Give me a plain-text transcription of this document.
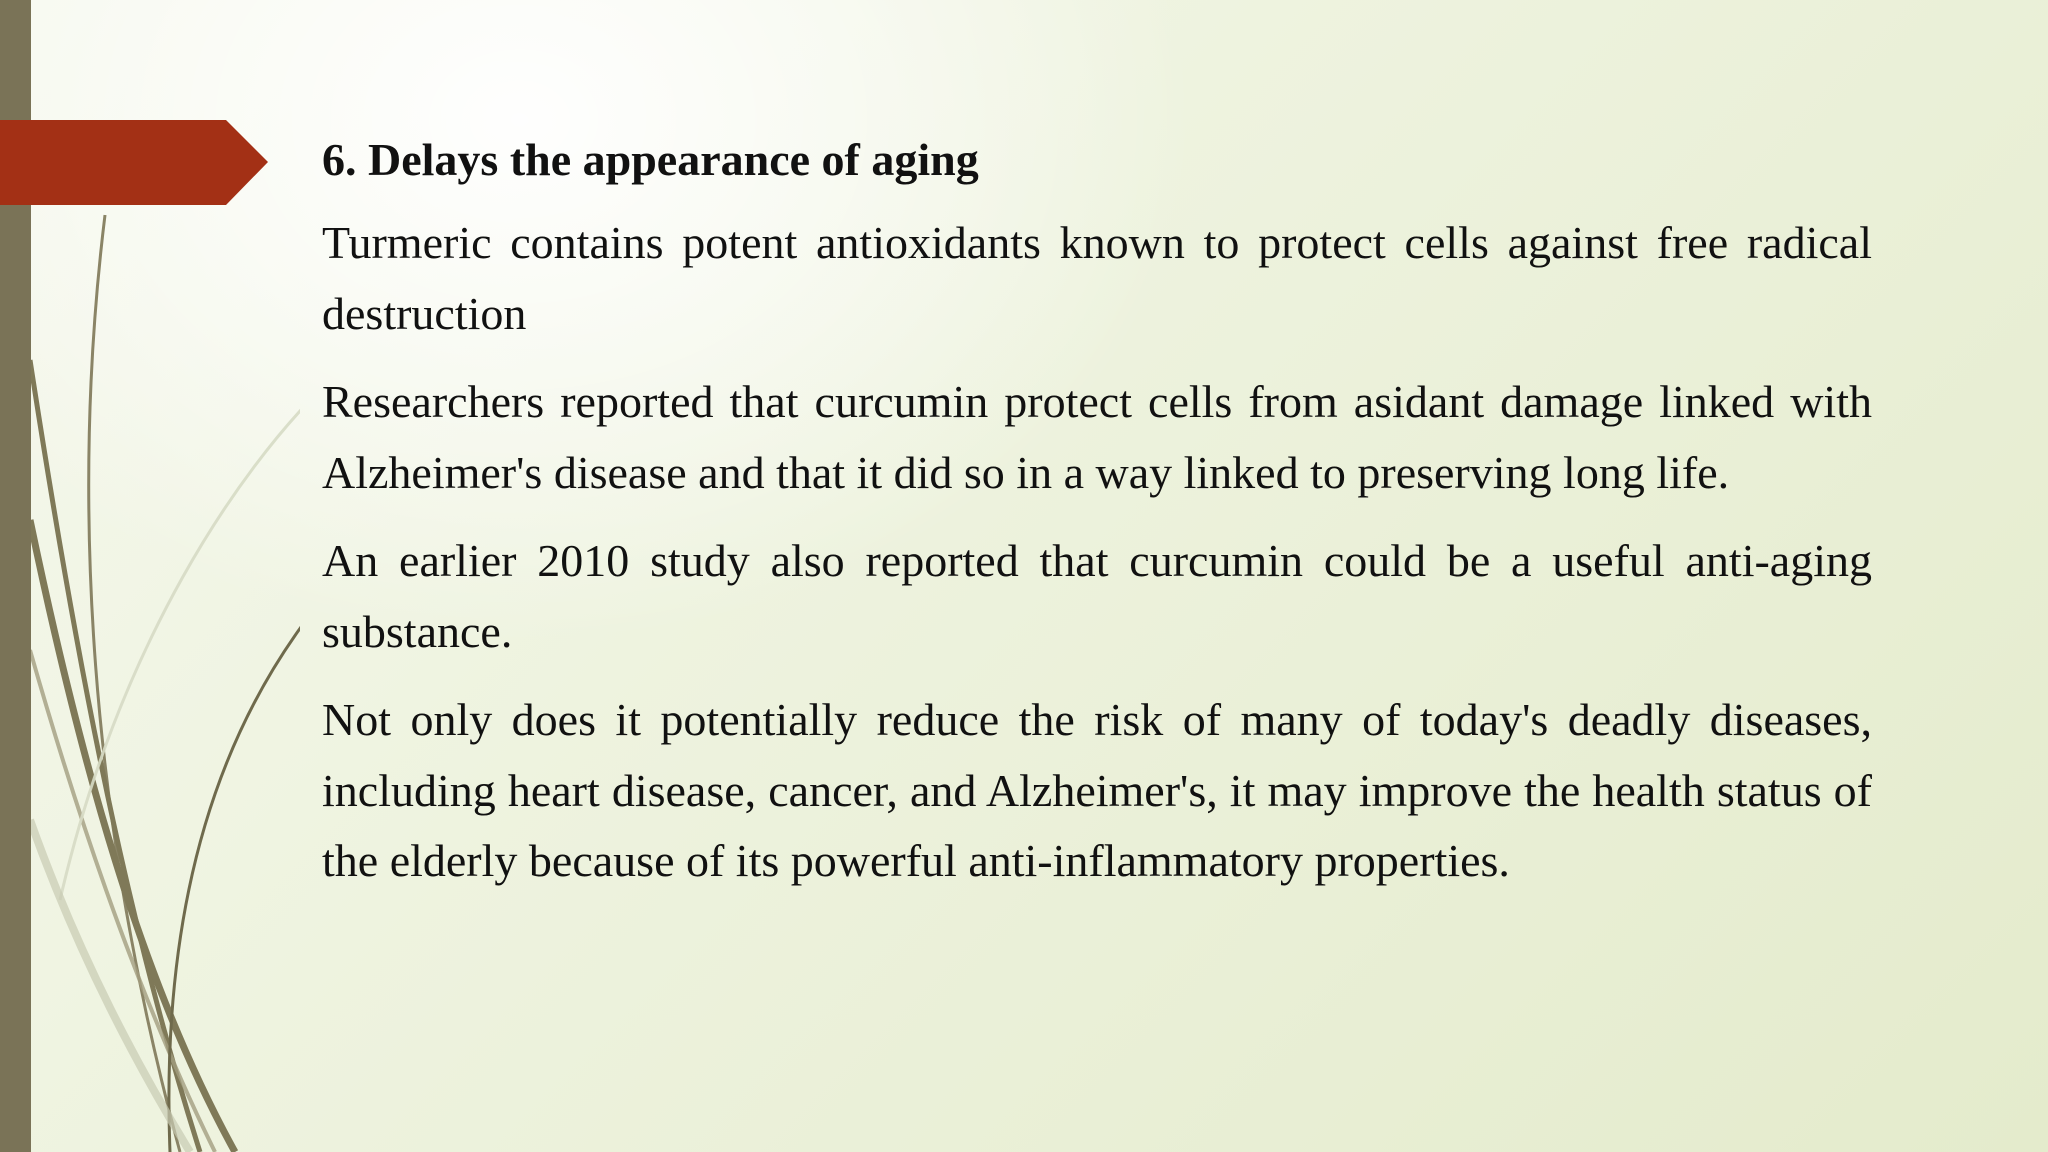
6. Delays the appearance of aging

Turmeric contains potent antioxidants known to protect cells against free radical destruction

Researchers reported that curcumin protect cells from asidant damage linked with Alzheimer's disease and that it did so in a way linked to preserving long life.

An earlier 2010 study also reported that curcumin could be a useful anti-aging substance.

Not only does it potentially reduce the risk of many of today's deadly diseases, including heart disease, cancer, and Alzheimer's, it may improve the health status of the elderly because of its powerful anti-inflammatory properties.
